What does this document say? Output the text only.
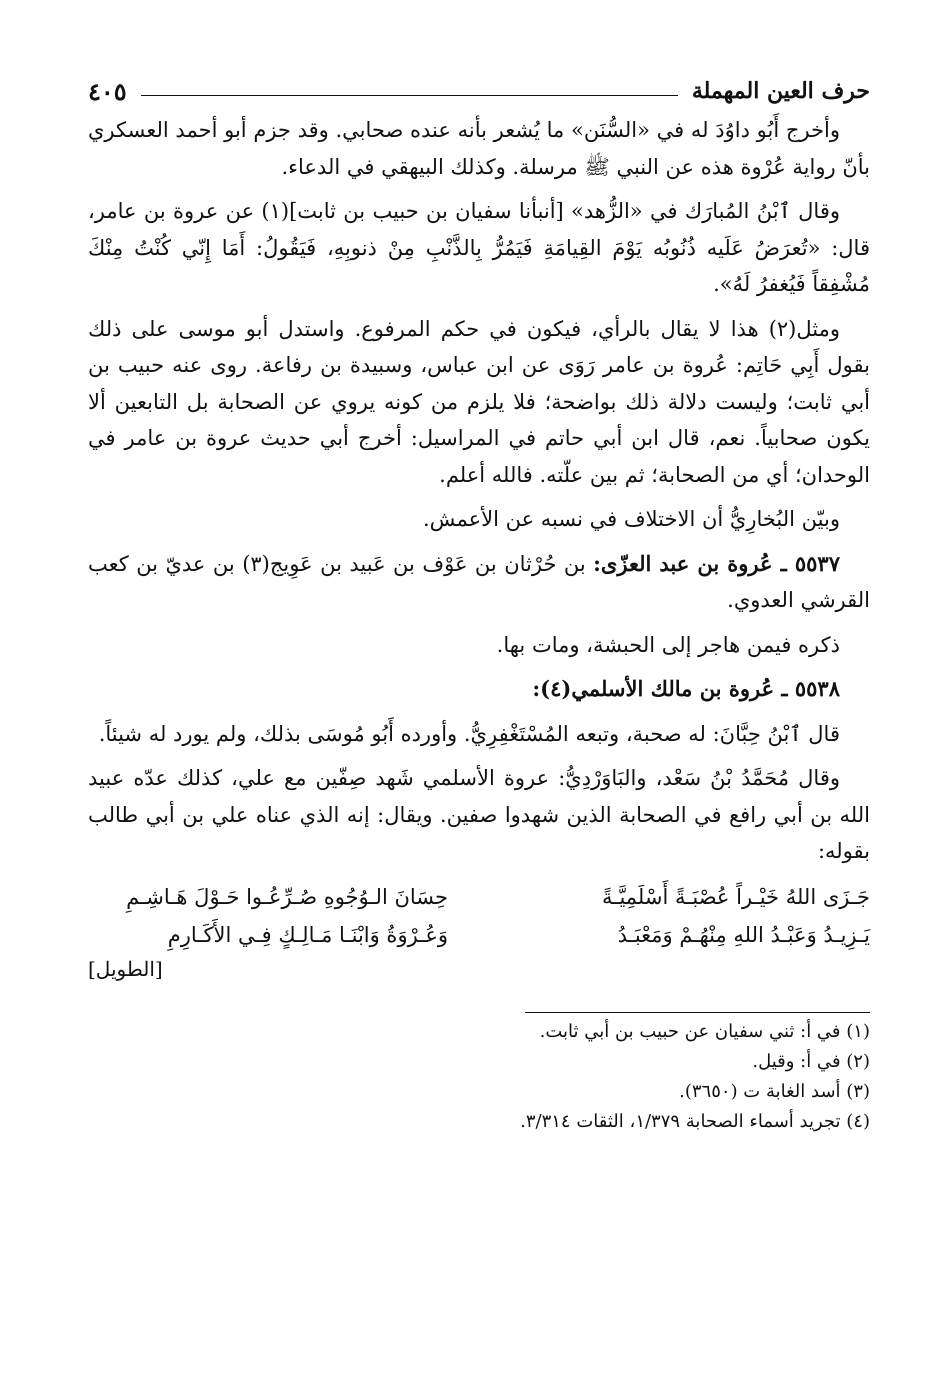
حرف العين المهملة
٤٠٥

وأخرج أَبُو داوُدَ له في «السُّنَن» ما يُشعر بأنه عنده صحابي. وقد جزم أبو أحمد العسكري بأنّ رواية عُرْوة هذه عن النبي ﷺ مرسلة. وكذلك البيهقي في الدعاء.

وقال ٱبْنُ المُبارَك في «الزُّهد» [أنبأنا سفيان بن حبيب بن ثابت](١) عن عروة بن عامر، قال: «تُعرَضُ عَلَيه ذُنُوبُه يَوْمَ القِيامَةِ فَيَمُرُّ بِالذَّنْبِ مِنْ ذنوبِهِ، فَيَقُولُ: أَمَا إِنّي كُنْتُ مِنْكَ مُشْفِقاً فَيُغفرُ لَهُ».

ومثل(٢) هذا لا يقال بالرأي، فيكون في حكم المرفوع. واستدل أبو موسى على ذلك بقول أَبِي حَاتِم: عُروة بن عامر رَوَى عن ابن عباس، وسبيدة بن رفاعة. روى عنه حبيب بن أبي ثابت؛ وليست دلالة ذلك بواضحة؛ فلا يلزم من كونه يروي عن الصحابة بل التابعين ألا يكون صحابياً. نعم، قال ابن أبي حاتم في المراسيل: أخرج أبي حديث عروة بن عامر في الوحدان؛ أي من الصحابة؛ ثم بين علّته. فالله أعلم.

وبيّن البُخارِيُّ أن الاختلاف في نسبه عن الأعمش.

٥٥٣٧ ـ عُروة بن عبد العزّى: بن حُرْثان بن عَوْف بن عَبيد بن عَوِيج(٣) بن عديّ بن كعب القرشي العدوي.

ذكره فيمن هاجر إلى الحبشة، ومات بها.

٥٥٣٨ ـ عُروة بن مالك الأسلمي(٤):

قال ٱبْنُ حِبَّانَ: له صحبة، وتبعه المُسْتَغْفِرِيُّ. وأورده أَبُو مُوسَى بذلك، ولم يورد له شيئاً.

وقال مُحَمَّدُ بْنُ سَعْد، والبَاوَرْدِيُّ: عروة الأسلمي شَهد صِفّين مع علي، كذلك عدّه عبيد الله بن أبي رافع في الصحابة الذين شهدوا صفين. ويقال: إنه الذي عناه علي بن أبي طالب بقوله:

جَـزَى اللهُ خَيْـراً عُصْبَـةً أَسْلَمِيَّـةً
حِسَانَ الـوُجُوهِ صُـرِّعُـوا حَـوْلَ هَـاشِـمِ
يَـزِيـدُ وَعَبْـدُ اللهِ مِنْهُـمْ وَمَعْبَـدُ
وَعُـرْوَةُ وَابْنَـا مَـالِـكٍ فِـي الأَكَـارِمِ
[الطويل]

(١) في أ: ثني سفيان عن حبيب بن أبي ثابت.

(٢) في أ: وقيل.

(٣) أسد الغابة ت (٣٦٥٠).

(٤) تجريد أسماء الصحابة ١/٣٧٩، الثقات ٣/٣١٤.
